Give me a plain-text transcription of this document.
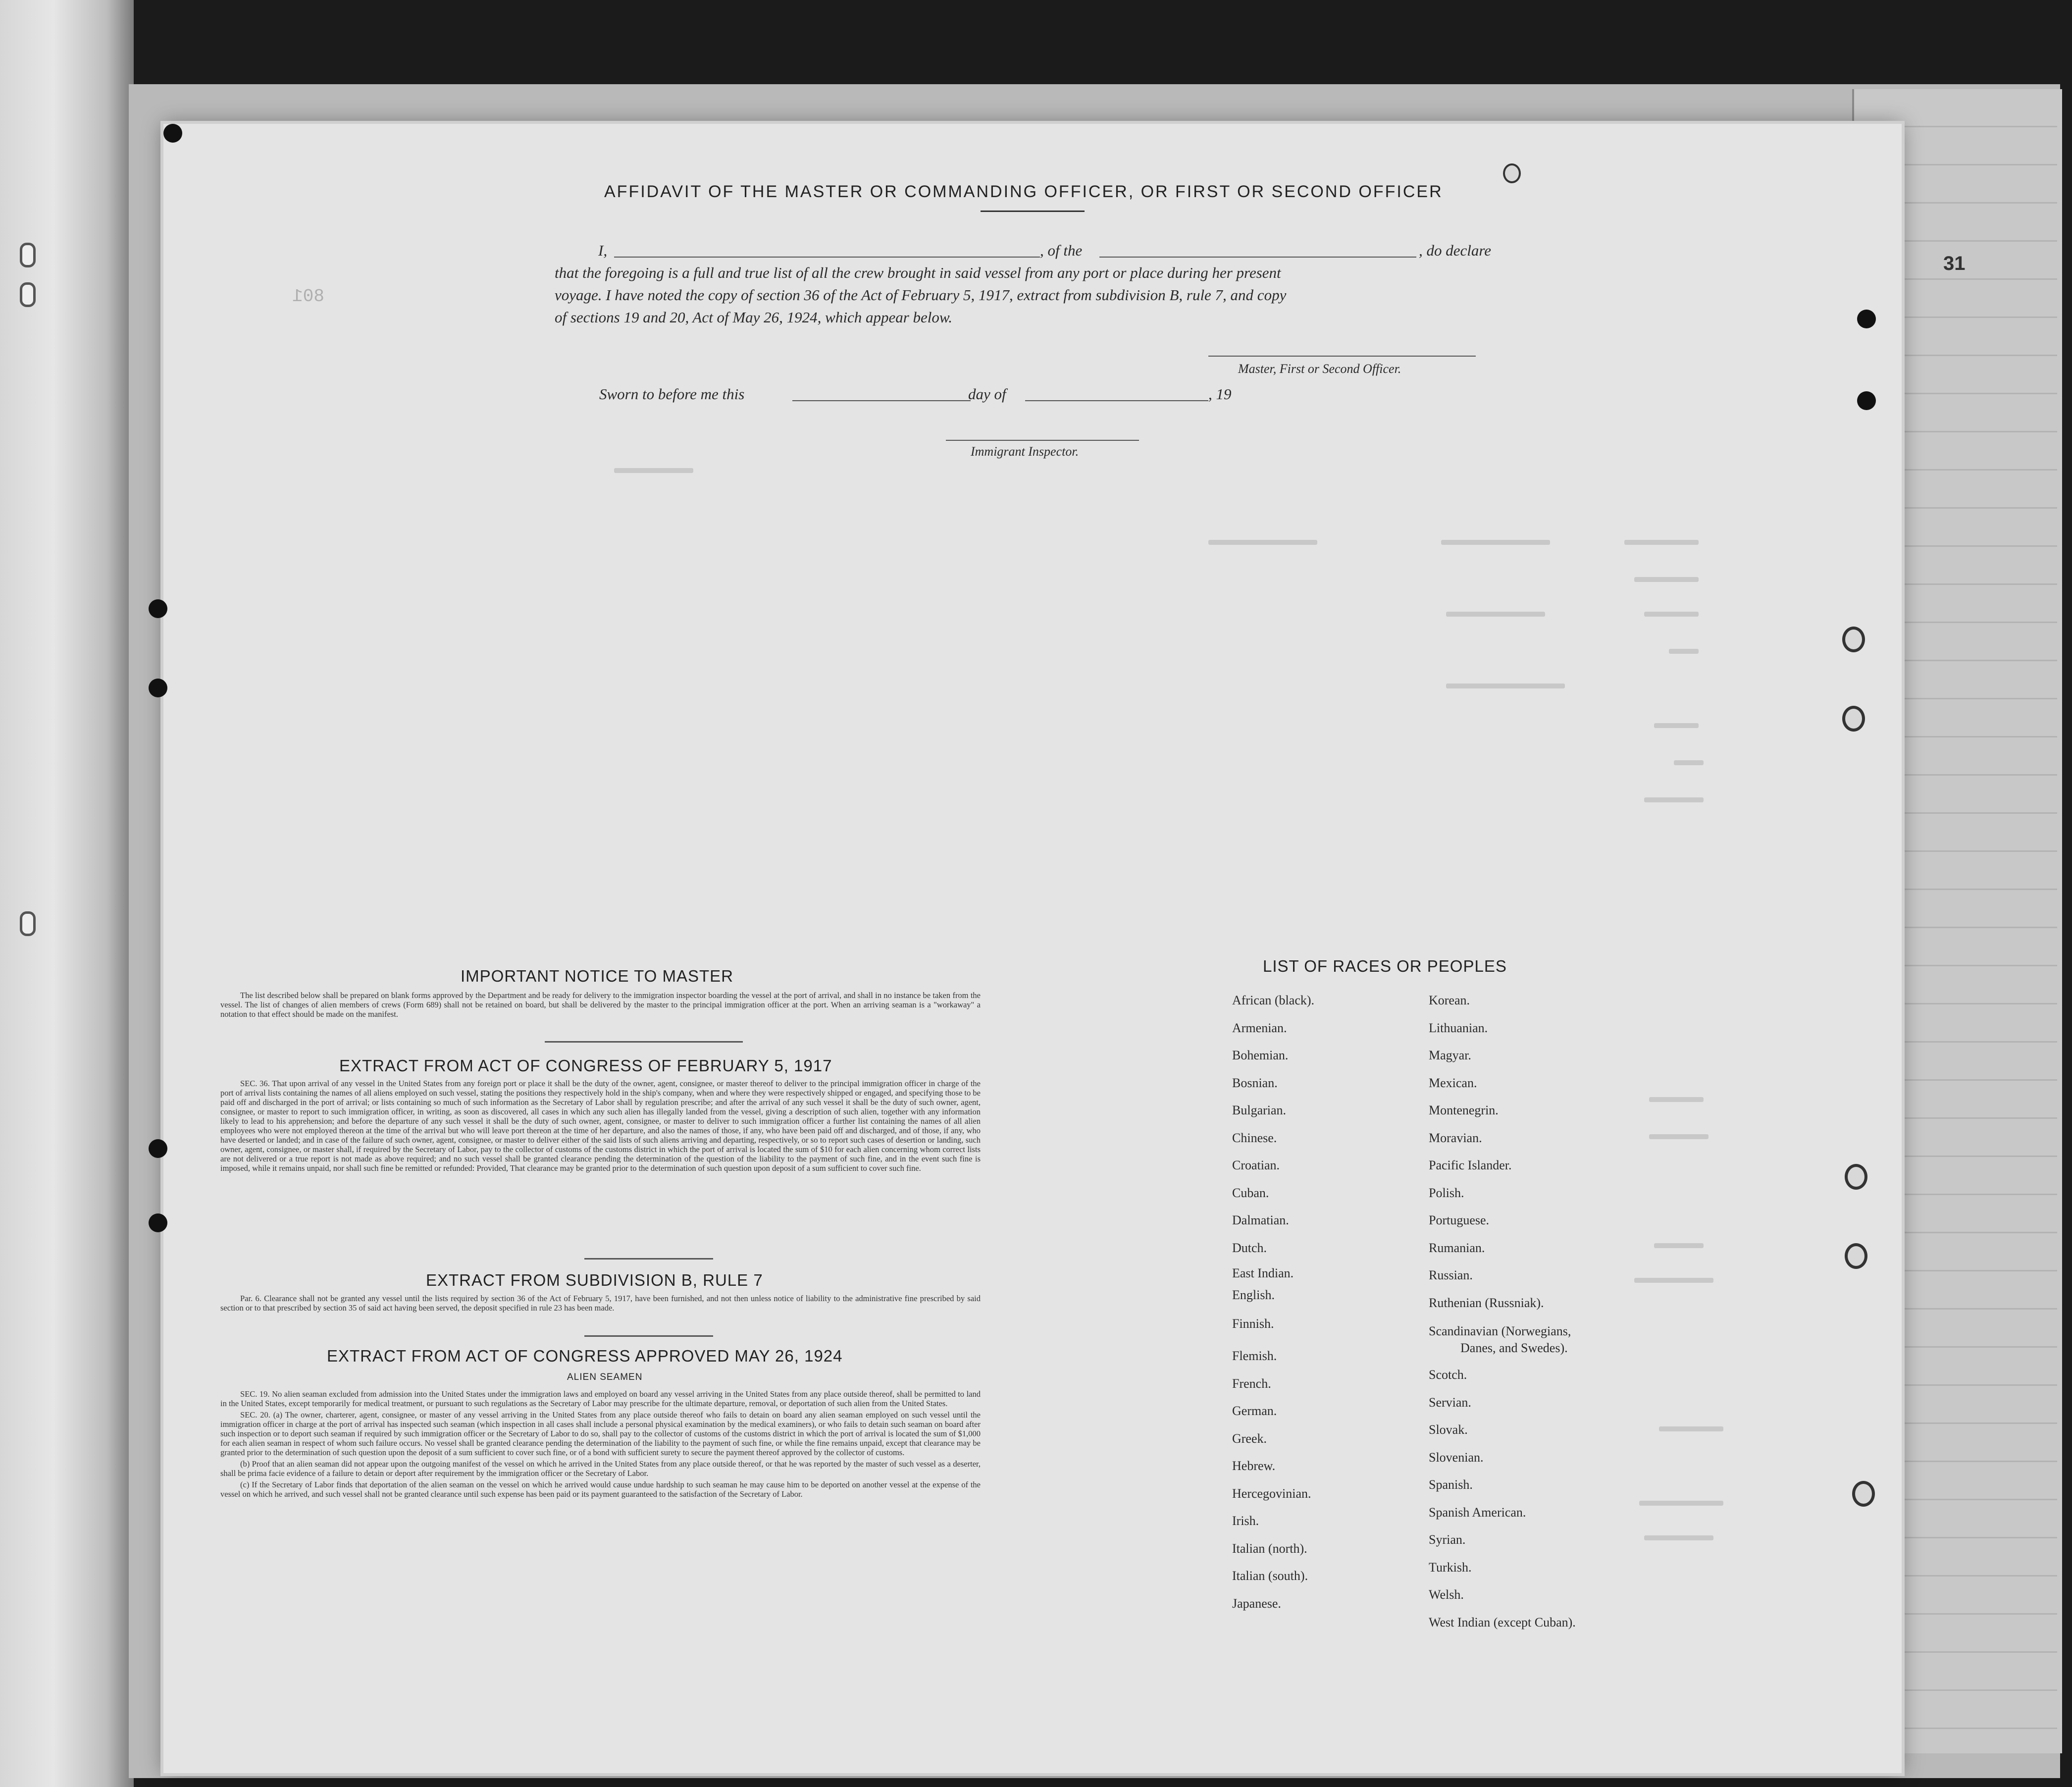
31
801
AFFIDAVIT OF THE MASTER OR COMMANDING OFFICER, OR FIRST OR SECOND OFFICER
I,	, of the	, do declare
that the foregoing is a full and true list of all the crew brought in said vessel from any port or place during her present
voyage. I have noted the copy of section 36 of the Act of February 5, 1917, extract from subdivision B, rule 7, and copy
of sections 19 and 20, Act of May 26, 1924, which appear below.
Master, First or Second Officer.
Sworn to before me this	day of	, 19
Immigrant Inspector.
IMPORTANT NOTICE TO MASTER

The list described below shall be prepared on blank forms approved by the Department and be ready for delivery to the immigration inspector boarding the vessel at the port of arrival, and shall in no instance be taken from the vessel. The list of changes of alien members of crews (Form 689) shall not be retained on board, but shall be delivered by the master to the principal immigration officer at the port. When an arriving seaman is a "workaway" a notation to that effect should be made on the manifest.

EXTRACT FROM ACT OF CONGRESS OF FEBRUARY 5, 1917

SEC. 36. That upon arrival of any vessel in the United States from any foreign port or place it shall be the duty of the owner, agent, consignee, or master thereof to deliver to the principal immigration officer in charge of the port of arrival lists containing the names of all aliens employed on such vessel, stating the positions they respectively hold in the ship's company, when and where they were respectively shipped or engaged, and specifying those to be paid off and discharged in the port of arrival; or lists containing so much of such information as the Secretary of Labor shall by regulation prescribe; and after the arrival of any such vessel it shall be the duty of such owner, agent, consignee, or master to report to such immigration officer, in writing, as soon as discovered, all cases in which any such alien has illegally landed from the vessel, giving a description of such alien, together with any information likely to lead to his apprehension; and before the departure of any such vessel it shall be the duty of such owner, agent, consignee, or master to deliver to such immigration officer a further list containing the names of all alien employees who were not employed thereon at the time of the arrival but who will leave port thereon at the time of her departure, and also the names of those, if any, who have been paid off and discharged, and of those, if any, who have deserted or landed; and in case of the failure of such owner, agent, consignee, or master to deliver either of the said lists of such aliens arriving and departing, respectively, or so to report such cases of desertion or landing, such owner, agent, consignee, or master shall, if required by the Secretary of Labor, pay to the collector of customs of the customs district in which the port of arrival is located the sum of $10 for each alien concerning whom correct lists are not delivered or a true report is not made as above required; and no such vessel shall be granted clearance pending the determination of the question of the liability to the payment of such fine, and in the event such fine is imposed, while it remains unpaid, nor shall such fine be remitted or refunded: Provided, That clearance may be granted prior to the determination of such question upon deposit of a sum sufficient to cover such fine.

EXTRACT FROM SUBDIVISION B, RULE 7

Par. 6. Clearance shall not be granted any vessel until the lists required by section 36 of the Act of February 5, 1917, have been furnished, and not then unless notice of liability to the administrative fine prescribed by said section or to that prescribed by section 35 of said act having been served, the deposit specified in rule 23 has been made.

EXTRACT FROM ACT OF CONGRESS APPROVED MAY 26, 1924
ALIEN SEAMEN

SEC. 19. No alien seaman excluded from admission into the United States under the immigration laws and employed on board any vessel arriving in the United States from any place outside thereof, shall be permitted to land in the United States, except temporarily for medical treatment, or pursuant to such regulations as the Secretary of Labor may prescribe for the ultimate departure, removal, or deportation of such alien from the United States.

SEC. 20. (a) The owner, charterer, agent, consignee, or master of any vessel arriving in the United States from any place outside thereof who fails to detain on board any alien seaman employed on such vessel until the immigration officer in charge at the port of arrival has inspected such seaman (which inspection in all cases shall include a personal physical examination by the medical examiners), or who fails to detain such seaman on board after such inspection or to deport such seaman if required by such immigration officer or the Secretary of Labor to do so, shall pay to the collector of customs of the customs district in which the port of arrival is located the sum of $1,000 for each alien seaman in respect of whom such failure occurs. No vessel shall be granted clearance pending the determination of the liability to the payment of such fine, or while the fine remains unpaid, except that clearance may be granted prior to the determination of such question upon the deposit of a sum sufficient to cover such fine, or of a bond with sufficient surety to secure the payment thereof approved by the collector of customs.

(b) Proof that an alien seaman did not appear upon the outgoing manifest of the vessel on which he arrived in the United States from any place outside thereof, or that he was reported by the master of such vessel as a deserter, shall be prima facie evidence of a failure to detain or deport after requirement by the immigration officer or the Secretary of Labor.

(c) If the Secretary of Labor finds that deportation of the alien seaman on the vessel on which he arrived would cause undue hardship to such seaman he may cause him to be deported on another vessel at the expense of the vessel on which he arrived, and such vessel shall not be granted clearance until such expense has been paid or its payment guaranteed to the satisfaction of the Secretary of Labor.

LIST OF RACES OR PEOPLES
African (black).
Armenian.
Bohemian.
Bosnian.
Bulgarian.
Chinese.
Croatian.
Cuban.
Dalmatian.
Dutch.
East Indian.
English.
Finnish.
Flemish.
French.
German.
Greek.
Hebrew.
Hercegovinian.
Irish.
Italian (north).
Italian (south).
Japanese.
Korean.
Lithuanian.
Magyar.
Mexican.
Montenegrin.
Moravian.
Pacific Islander.
Polish.
Portuguese.
Rumanian.
Russian.
Ruthenian (Russniak).
Scandinavian (Norwegians,
Danes, and Swedes).
Scotch.
Servian.
Slovak.
Slovenian.
Spanish.
Spanish American.
Syrian.
Turkish.
Welsh.
West Indian (except Cuban).
